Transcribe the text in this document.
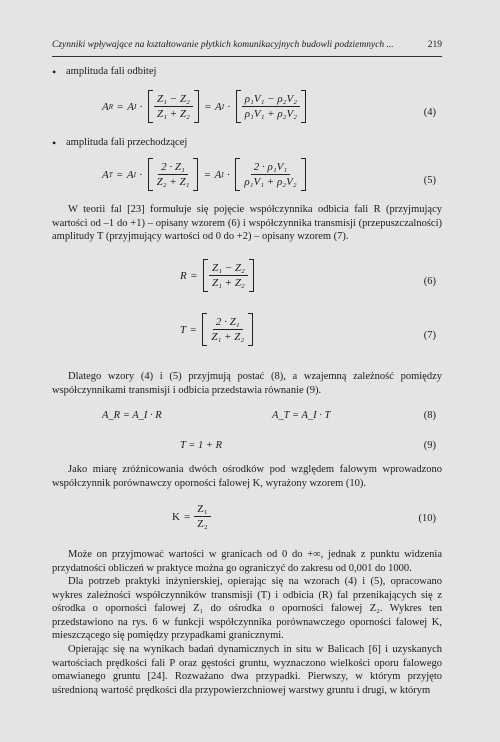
Czynniki wpływające na kształtowanie płytkich komunikacyjnych budowli podziemnych ...	219
• amplituda fali odbitej
A R = A $I \cdot \frac{\text{Z₁ − Z₂}}{\text{Z₁ + Z₂}} = A$ $I \cdot \frac{\text{ρ₁V₁ − ρ₂V₂}}{\text{ρ₁V₁ + ρ₂V₂}}$	(4)
• amplituda fali przechodzącej
A T = A $I \cdot \frac{\text{2 · Z₁}}{\text{Z₂ + Z₁}} = A$ $I \cdot \frac{\text{2 · ρ₁V₁}}{\text{ρ₁V₁ + ρ₂V₂}}$	(5)

W teorii fal [23] formułuje się pojęcie współczynnika odbicia fali R (przyjmujący wartości od –1 do +1) – opisany wzorem (6) i współczynnika transmisji (przepuszczalności) amplitudy T (przyjmujący wartości od 0 do +2) – opisany wzorem (7).

$R = \frac{\text{Z₁ − Z₂}}{\text{Z₁ + Z₂}}$	(6)
$T = \frac{\text{2 · Z₁}}{\text{Z₁ + Z₂}}$	(7)

Dlatego wzory (4) i (5) przyjmują postać (8), a wzajemną zależność pomiędzy współczynnikami transmisji i odbicia przedstawia równanie (9).

A_R = A_I · R	A_T = A_I · T	(8)
T = 1 + R	(9)

Jako miarę zróżnicowania dwóch ośrodków pod względem falowym wprowadzono współczynnik porównawczy oporności falowej K, wyrażony wzorem (10).

$K = \frac{\text{Z₁}}{\text{Z₂}}$	(10)

Może on przyjmować wartości w granicach od 0 do +∞, jednak z punktu widzenia przydatności obliczeń w praktyce można go ograniczyć do zakresu od 0,001 do 1000.

Dla potrzeb praktyki inżynierskiej, opierając się na wzorach (4) i (5), opracowano wykres zależności współczynników transmisji (T) i odbicia (R) fal przenikających się z ośrodka o oporności falowej Z₁ do ośrodka o oporności falowej Z₂. Wykres ten przedstawiono na rys. 6 w funkcji współczynnika porównawczego oporności falowej K, mieszczącego się pomiędzy przypadkami granicznymi.

Opierając się na wynikach badań dynamicznych in situ w Balicach [6] i uzyskanych wartościach prędkości fali P oraz gęstości gruntu, wyznaczono wielkości oporu falowego omawianego gruntu [24]. Rozważano dwa przypadki. Pierwszy, w którym przyjęto uśrednioną wartość prędkości dla przypowierzchniowej warstwy gruntu i drugi, w którym
